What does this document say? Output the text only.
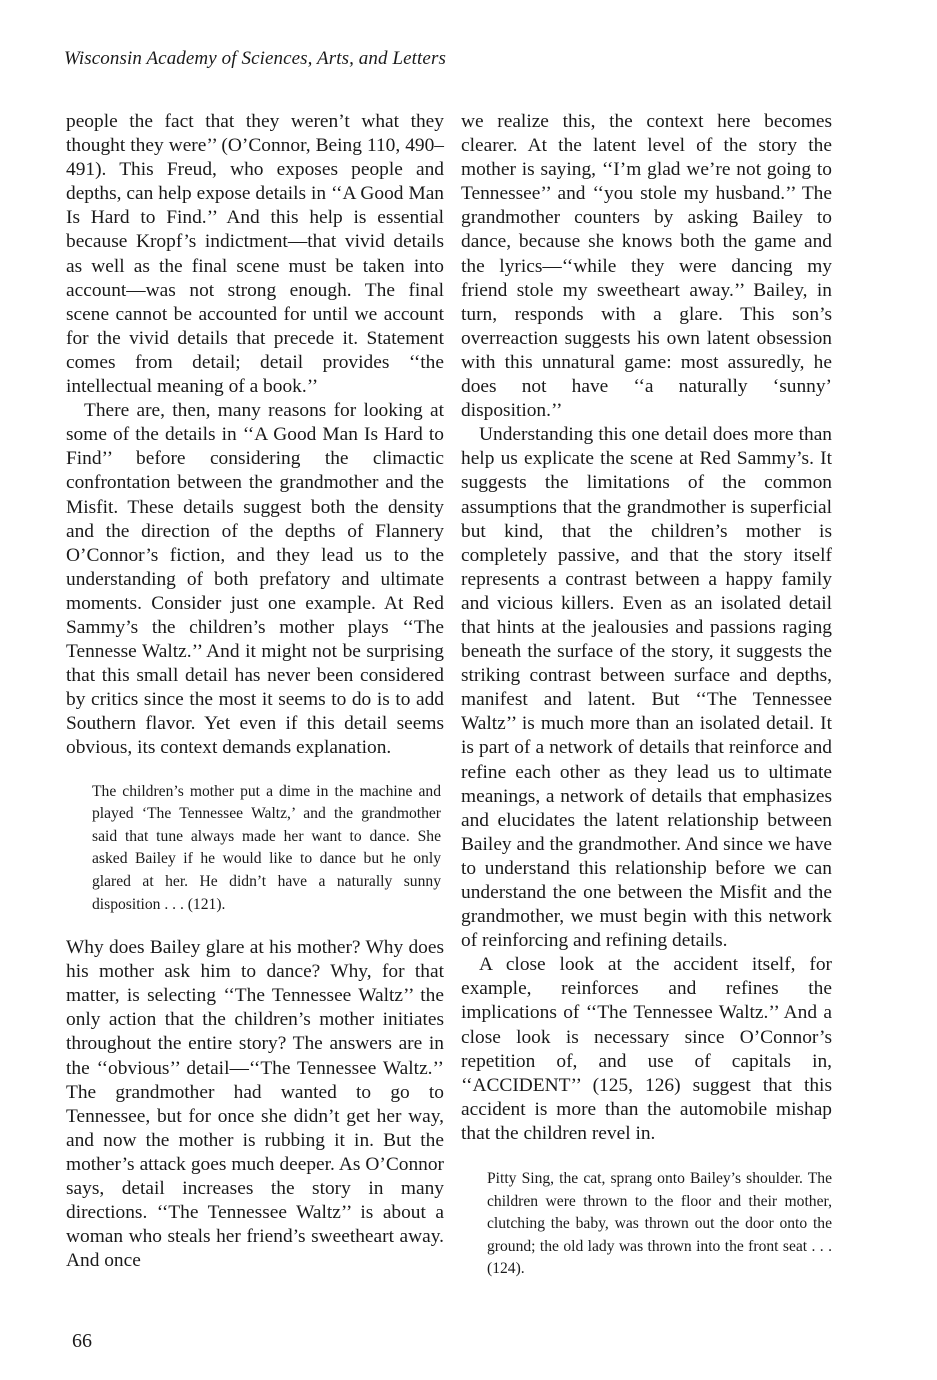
Wisconsin Academy of Sciences, Arts, and Letters

people the fact that they weren’t what they thought they were’’ (O’Connor, Being 110, 490–491). This Freud, who exposes people and depths, can help expose details in ‘‘A Good Man Is Hard to Find.’’ And this help is essential because Kropf’s indictment—that vivid details as well as the final scene must be taken into account—was not strong enough. The final scene cannot be accounted for until we account for the vivid details that precede it. Statement comes from detail; detail provides ‘‘the intellectual meaning of a book.’’

There are, then, many reasons for looking at some of the details in ‘‘A Good Man Is Hard to Find’’ before considering the climactic confrontation between the grandmother and the Misfit. These details suggest both the density and the direction of the depths of Flannery O’Connor’s fiction, and they lead us to the understanding of both prefatory and ultimate moments. Consider just one example. At Red Sammy’s the children’s mother plays ‘‘The Tennesse Waltz.’’ And it might not be surprising that this small detail has never been considered by critics since the most it seems to do is to add Southern flavor. Yet even if this detail seems obvious, its context demands explanation.

The children’s mother put a dime in the machine and played ‘The Tennessee Waltz,’ and the grandmother said that tune always made her want to dance. She asked Bailey if he would like to dance but he only glared at her. He didn’t have a naturally sunny disposition . . . (121).

Why does Bailey glare at his mother? Why does his mother ask him to dance? Why, for that matter, is selecting ‘‘The Tennessee Waltz’’ the only action that the children’s mother initiates throughout the entire story? The answers are in the ‘‘obvious’’ detail—‘‘The Tennessee Waltz.’’ The grandmother had wanted to go to Tennessee, but for once she didn’t get her way, and now the mother is rubbing it in. But the mother’s attack goes much deeper. As O’Connor says, detail increases the story in many directions. ‘‘The Tennessee Waltz’’ is about a woman who steals her friend’s sweetheart away. And once

we realize this, the context here becomes clearer. At the latent level of the story the mother is saying, ‘‘I’m glad we’re not going to Tennessee’’ and ‘‘you stole my husband.’’ The grandmother counters by asking Bailey to dance, because she knows both the game and the lyrics—‘‘while they were dancing my friend stole my sweetheart away.’’ Bailey, in turn, responds with a glare. This son’s overreaction suggests his own latent obsession with this unnatural game: most assuredly, he does not have ‘‘a naturally ‘sunny’ disposition.’’

Understanding this one detail does more than help us explicate the scene at Red Sammy’s. It suggests the limitations of the common assumptions that the grandmother is superficial but kind, that the children’s mother is completely passive, and that the story itself represents a contrast between a happy family and vicious killers. Even as an isolated detail that hints at the jealousies and passions raging beneath the surface of the story, it suggests the striking contrast between surface and depths, manifest and latent. But ‘‘The Tennessee Waltz’’ is much more than an isolated detail. It is part of a network of details that reinforce and refine each other as they lead us to ultimate meanings, a network of details that emphasizes and elucidates the latent relationship between Bailey and the grandmother. And since we have to understand this relationship before we can understand the one between the Misfit and the grandmother, we must begin with this network of reinforcing and refining details.

A close look at the accident itself, for example, reinforces and refines the implications of ‘‘The Tennessee Waltz.’’ And a close look is necessary since O’Connor’s repetition of, and use of capitals in, ‘‘ACCIDENT’’ (125, 126) suggest that this accident is more than the automobile mishap that the children revel in.

Pitty Sing, the cat, sprang onto Bailey’s shoulder. The children were thrown to the floor and their mother, clutching the baby, was thrown out the door onto the ground; the old lady was thrown into the front seat . . . (124).
66
